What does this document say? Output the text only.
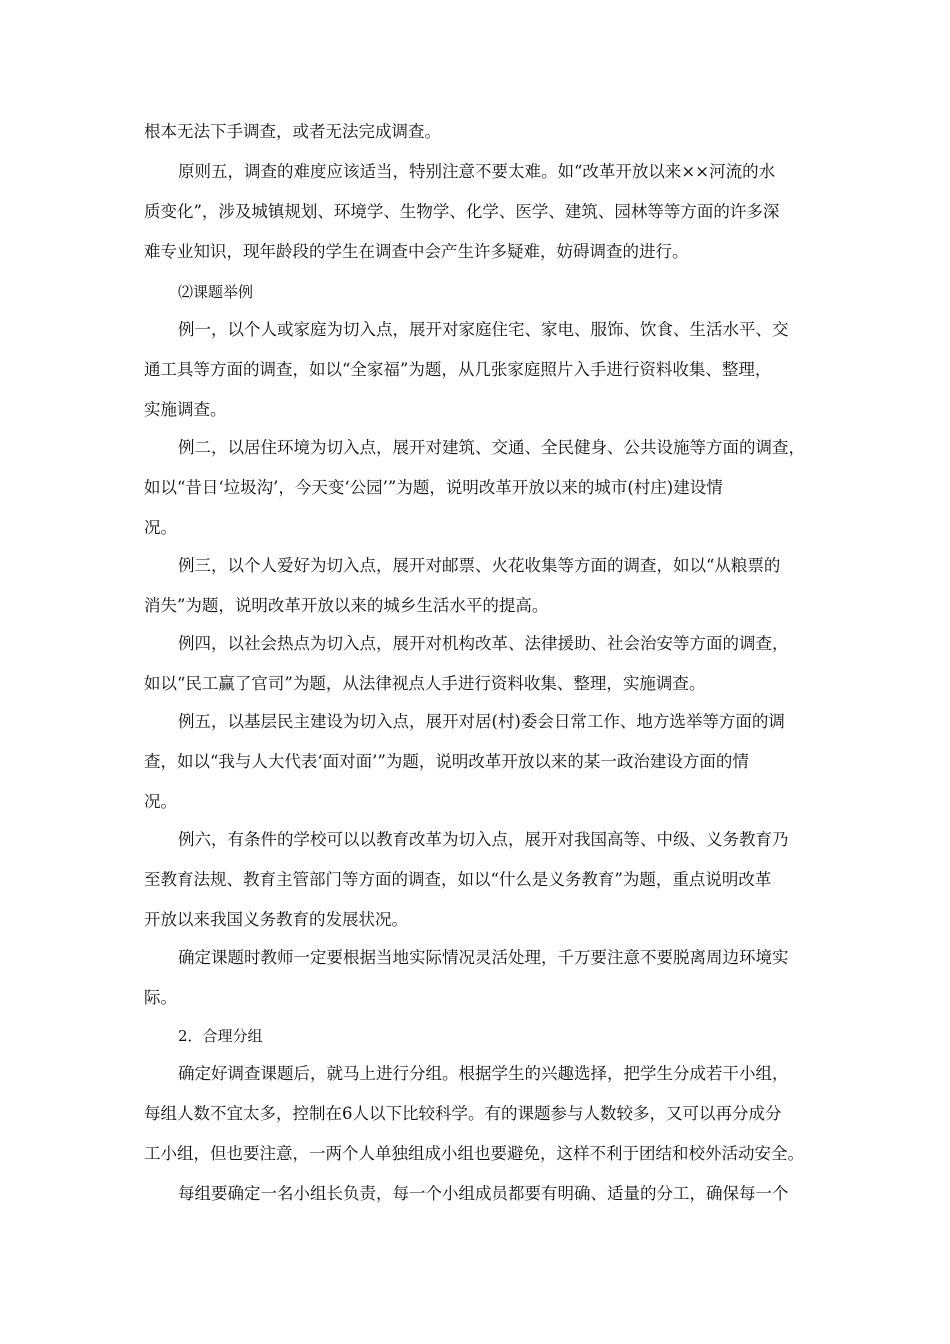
根本无法下手调查，或者无法完成调查。
原则五，调查的难度应该适当，特别注意不要太难。如“改革开放以来××河流的水
质变化”，涉及城镇规划、环境学、生物学、化学、医学、建筑、园林等等方面的许多深
难专业知识，现年龄段的学生在调查中会产生许多疑难，妨碍调查的进行。
⑵课题举例
例一，以个人或家庭为切入点，展开对家庭住宅、家电、服饰、饮食、生活水平、交
通工具等方面的调查，如以“全家福”为题，从几张家庭照片入手进行资料收集、整理，
实施调查。
例二，以居住环境为切入点，展开对建筑、交通、全民健身、公共设施等方面的调查，
如以“昔日‘垃圾沟’，今天变‘公园’”为题，说明改革开放以来的城市(村庄)建设情
况。
例三，以个人爱好为切入点，展开对邮票、火花收集等方面的调查，如以“从粮票的
消失”为题，说明改革开放以来的城乡生活水平的提高。
例四，以社会热点为切入点，展开对机构改革、法律援助、社会治安等方面的调查，
如以“民工赢了官司”为题，从法律视点人手进行资料收集、整理，实施调查。
例五，以基层民主建设为切入点，展开对居(村)委会日常工作、地方选举等方面的调
查，如以“我与人大代表‘面对面’”为题，说明改革开放以来的某一政治建设方面的情
况。
例六，有条件的学校可以以教育改革为切入点，展开对我国高等、中级、义务教育乃
至教育法规、教育主管部门等方面的调查，如以“什么是义务教育”为题，重点说明改革
开放以来我国义务教育的发展状况。
确定课题时教师一定要根据当地实际情况灵活处理，千万要注意不要脱离周边环境实
际。
2．合理分组
确定好调查课题后，就马上进行分组。根据学生的兴趣选择，把学生分成若干小组，
每组人数不宜太多，控制在6人以下比较科学。有的课题参与人数较多，又可以再分成分
工小组，但也要注意，一两个人单独组成小组也要避免，这样不利于团结和校外活动安全。
每组要确定一名小组长负责，每一个小组成员都要有明确、适量的分工，确保每一个
